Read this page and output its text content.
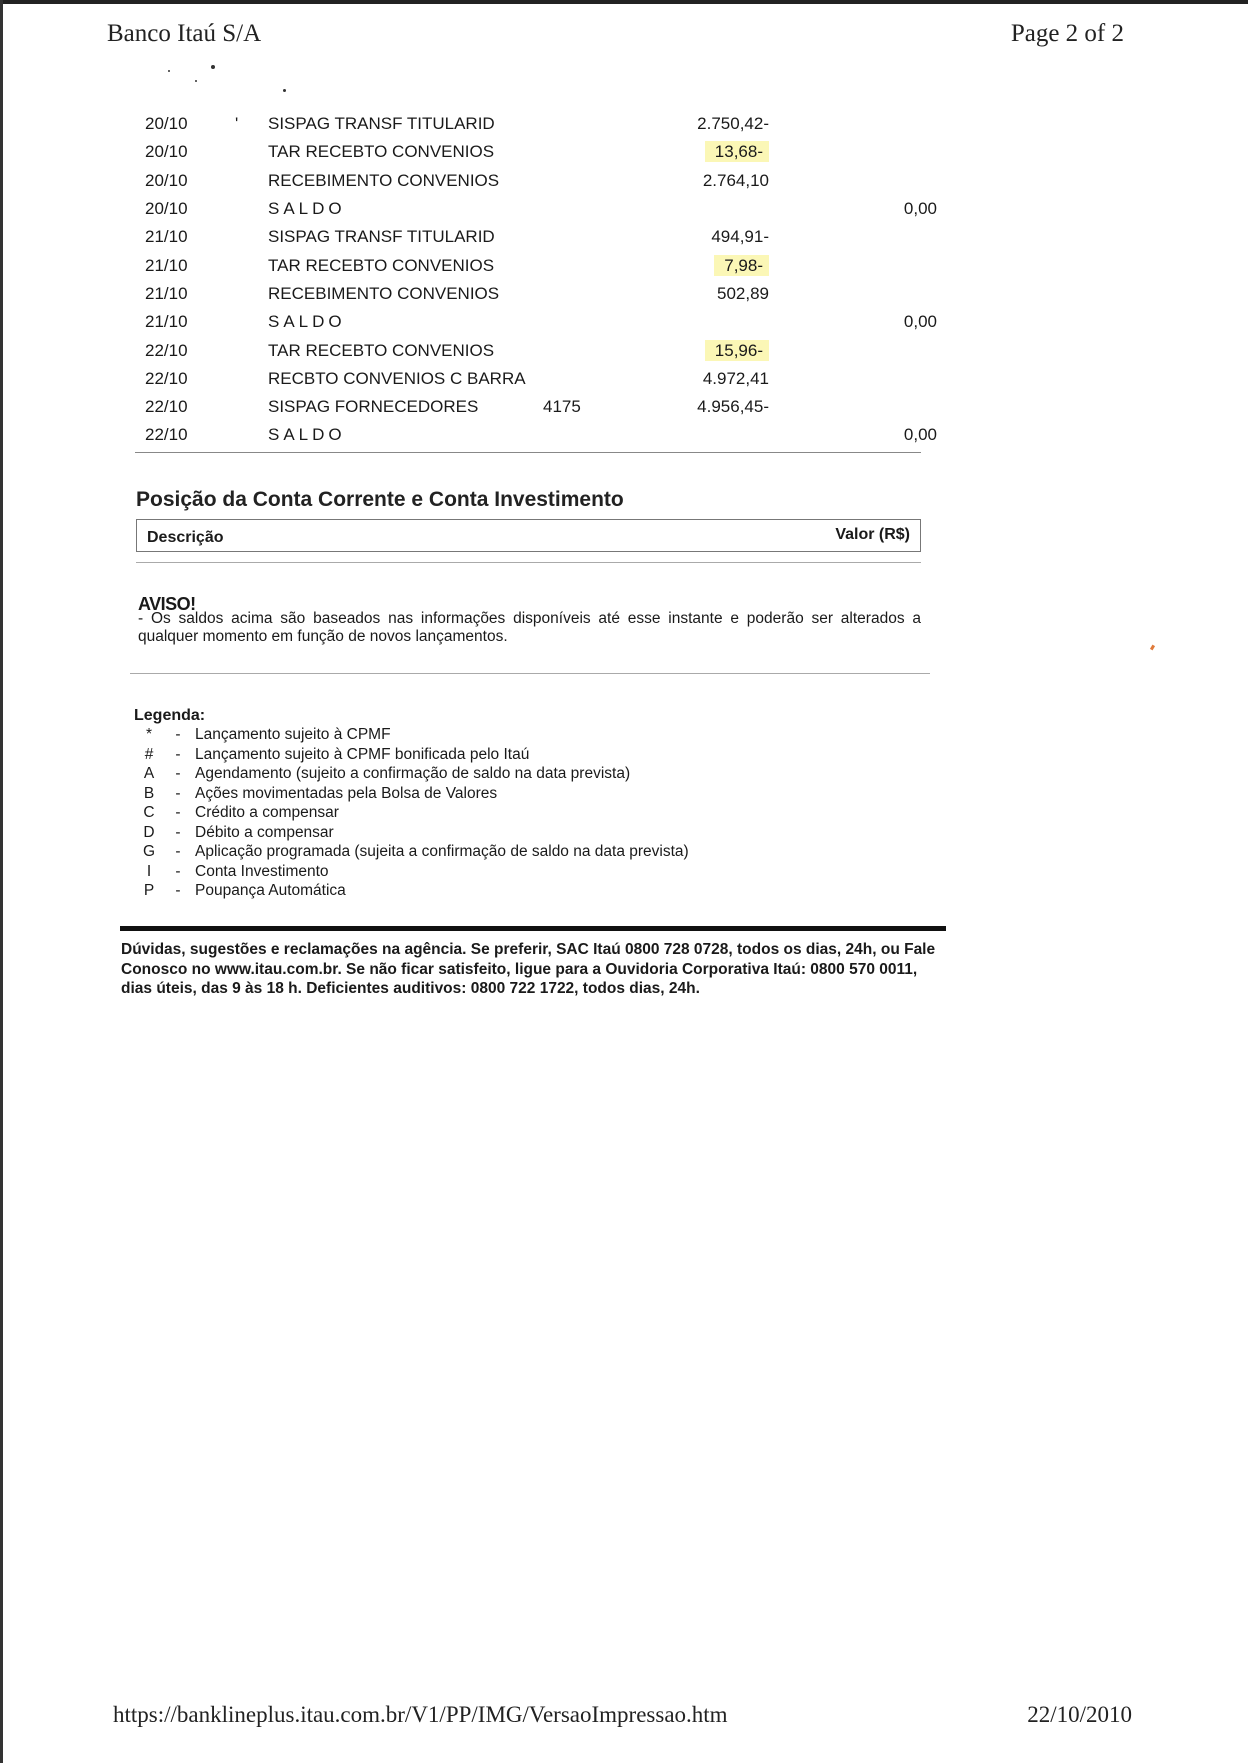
Banco Itaú S/A	Page 2 of 2
20/10	'	SISPAG TRANSF TITULARID		2.750,42-	
20/10		TAR RECEBTO CONVENIOS		13,68-	
20/10		RECEBIMENTO CONVENIOS		2.764,10	
20/10		SALDO			0,00
21/10		SISPAG TRANSF TITULARID		494,91-	
21/10		TAR RECEBTO CONVENIOS		7,98-	
21/10		RECEBIMENTO CONVENIOS		502,89	
21/10		SALDO			0,00
22/10		TAR RECEBTO CONVENIOS		15,96-	
22/10		RECBTO CONVENIOS C BARRA		4.972,41	
22/10		SISPAG FORNECEDORES	4175	4.956,45-	
22/10		SALDO			0,00
Posição da Conta Corrente e Conta Investimento
Descrição	Valor (R$)
AVISO!
- Os saldos acima são baseados nas informações disponíveis até esse instante e poderão ser alterados a qualquer momento em função de novos lançamentos.
Legenda:
* - Lançamento sujeito à CPMF
# - Lançamento sujeito à CPMF bonificada pelo Itaú
A - Agendamento (sujeito a confirmação de saldo na data prevista)
B - Ações movimentadas pela Bolsa de Valores
C - Crédito a compensar
D - Débito a compensar
G - Aplicação programada (sujeita a confirmação de saldo na data prevista)
I - Conta Investimento
P - Poupança Automática
Dúvidas, sugestões e reclamações na agência. Se preferir, SAC Itaú 0800 728 0728, todos os dias, 24h, ou Fale Conosco no www.itau.com.br. Se não ficar satisfeito, ligue para a Ouvidoria Corporativa Itaú: 0800 570 0011, dias úteis, das 9 às 18 h. Deficientes auditivos: 0800 722 1722, todos dias, 24h.
https://banklineplus.itau.com.br/V1/PP/IMG/VersaoImpressao.htm	22/10/2010
